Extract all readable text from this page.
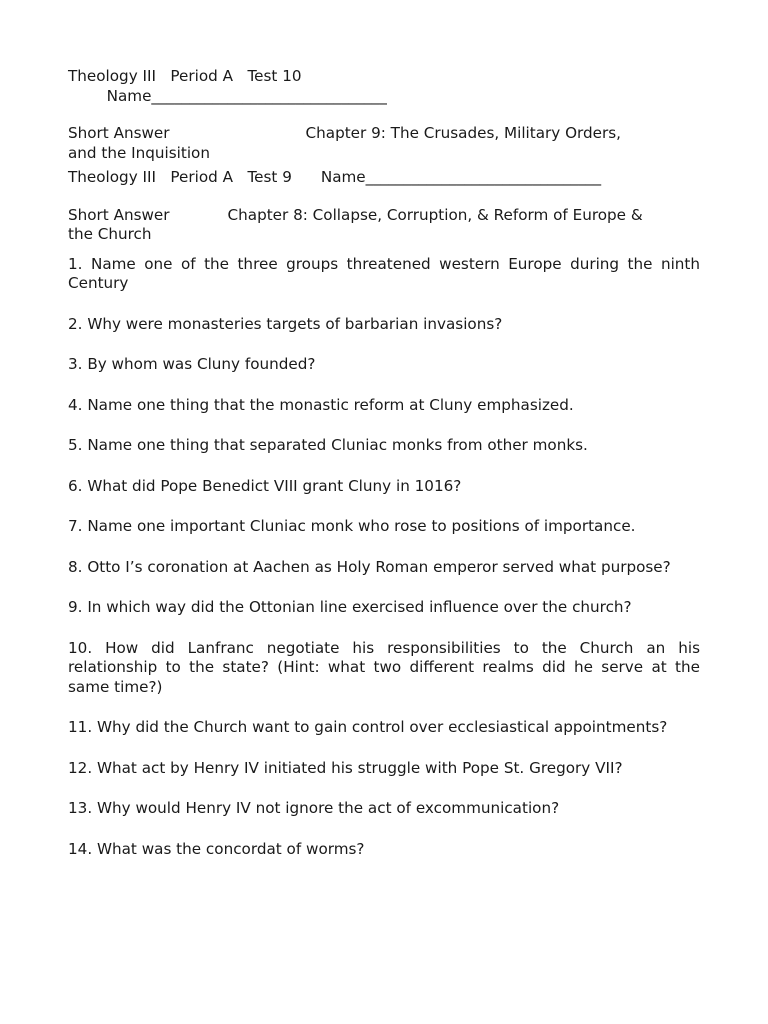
Theology III   Period A   Test 10
Name_______________________________
Short Answer	Chapter 9: The Crusades, Military Orders,
and the Inquisition
Theology III   Period A   Test 9      Name_______________________________
Short Answer	Chapter 8: Collapse, Corruption, & Reform of Europe &
the Church

1. Name one of the three groups threatened western Europe during the ninth Century

2. Why were monasteries targets of barbarian invasions?

3. By whom was Cluny founded?

4. Name one thing that the monastic reform at Cluny emphasized.

5. Name one thing that separated Cluniac monks from other monks.

6. What did Pope Benedict VIII grant Cluny in 1016?

7. Name one important Cluniac monk who rose to positions of importance.

8. Otto I’s coronation at Aachen as Holy Roman emperor served what purpose?

9. In which way did the Ottonian line exercised influence over the church?

10. How did Lanfranc negotiate his responsibilities to the Church an his relationship to the state? (Hint: what two different realms did he serve at the same time?)

11. Why did the Church want to gain control over ecclesiastical appointments?

12. What act by Henry IV initiated his struggle with Pope St. Gregory VII?

13. Why would Henry IV not ignore the act of excommunication?

14. What was the concordat of worms?
